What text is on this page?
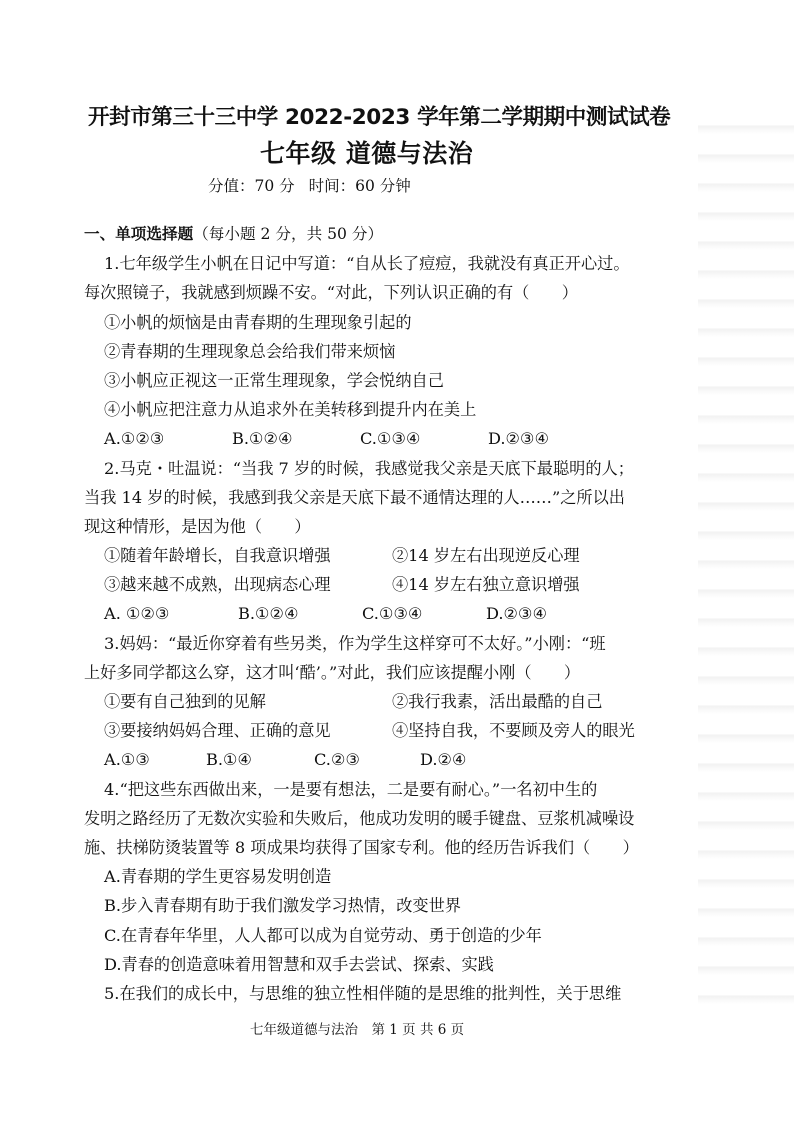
开封市第三十三中学 2022-2023 学年第二学期期中测试试卷
七年级 道德与法治
分值：70 分 时间：60 分钟
一、单项选择题（每小题 2 分，共 50 分）
1.七年级学生小帆在日记中写道：“自从长了痘痘，我就没有真正开心过。
每次照镜子，我就感到烦躁不安。“对此，下列认识正确的有（　　）
①小帆的烦恼是由青春期的生理现象引起的
②青春期的生理现象总会给我们带来烦恼
③小帆应正视这一正常生理现象，学会悦纳自己
④小帆应把注意力从追求外在美转移到提升内在美上
A.①②③	B.①②④	C.①③④	D.②③④
2.马克・吐温说：“当我 7 岁的时候，我感觉我父亲是天底下最聪明的人；
当我 14 岁的时候，我感到我父亲是天底下最不通情达理的人……”之所以出
现这种情形，是因为他（　　）
①随着年龄增长，自我意识增强	②14 岁左右出现逆反心理
③越来越不成熟，出现病态心理	④14 岁左右独立意识增强
A. ①②③	B.①②④	C.①③④	D.②③④
3.妈妈：“最近你穿着有些另类，作为学生这样穿可不太好。”小刚：“班
上好多同学都这么穿，这才叫‘酷’。”对此，我们应该提醒小刚（　　）
①要有自己独到的见解	②我行我素，活出最酷的自己
③要接纳妈妈合理、正确的意见	④坚持自我，不要顾及旁人的眼光
A.①③	B.①④	C.②③	D.②④
4.“把这些东西做出来，一是要有想法，二是要有耐心。”一名初中生的
发明之路经历了无数次实验和失败后，他成功发明的暖手键盘、豆浆机减噪设
施、扶梯防烫装置等 8 项成果均获得了国家专利。他的经历告诉我们（　　）
A.青春期的学生更容易发明创造
B.步入青春期有助于我们激发学习热情，改变世界
C.在青春年华里，人人都可以成为自觉劳动、勇于创造的少年
D.青春的创造意味着用智慧和双手去尝试、探索、实践
5.在我们的成长中，与思维的独立性相伴随的是思维的批判性，关于思维
七年级道德与法治　第 1 页 共 6 页
